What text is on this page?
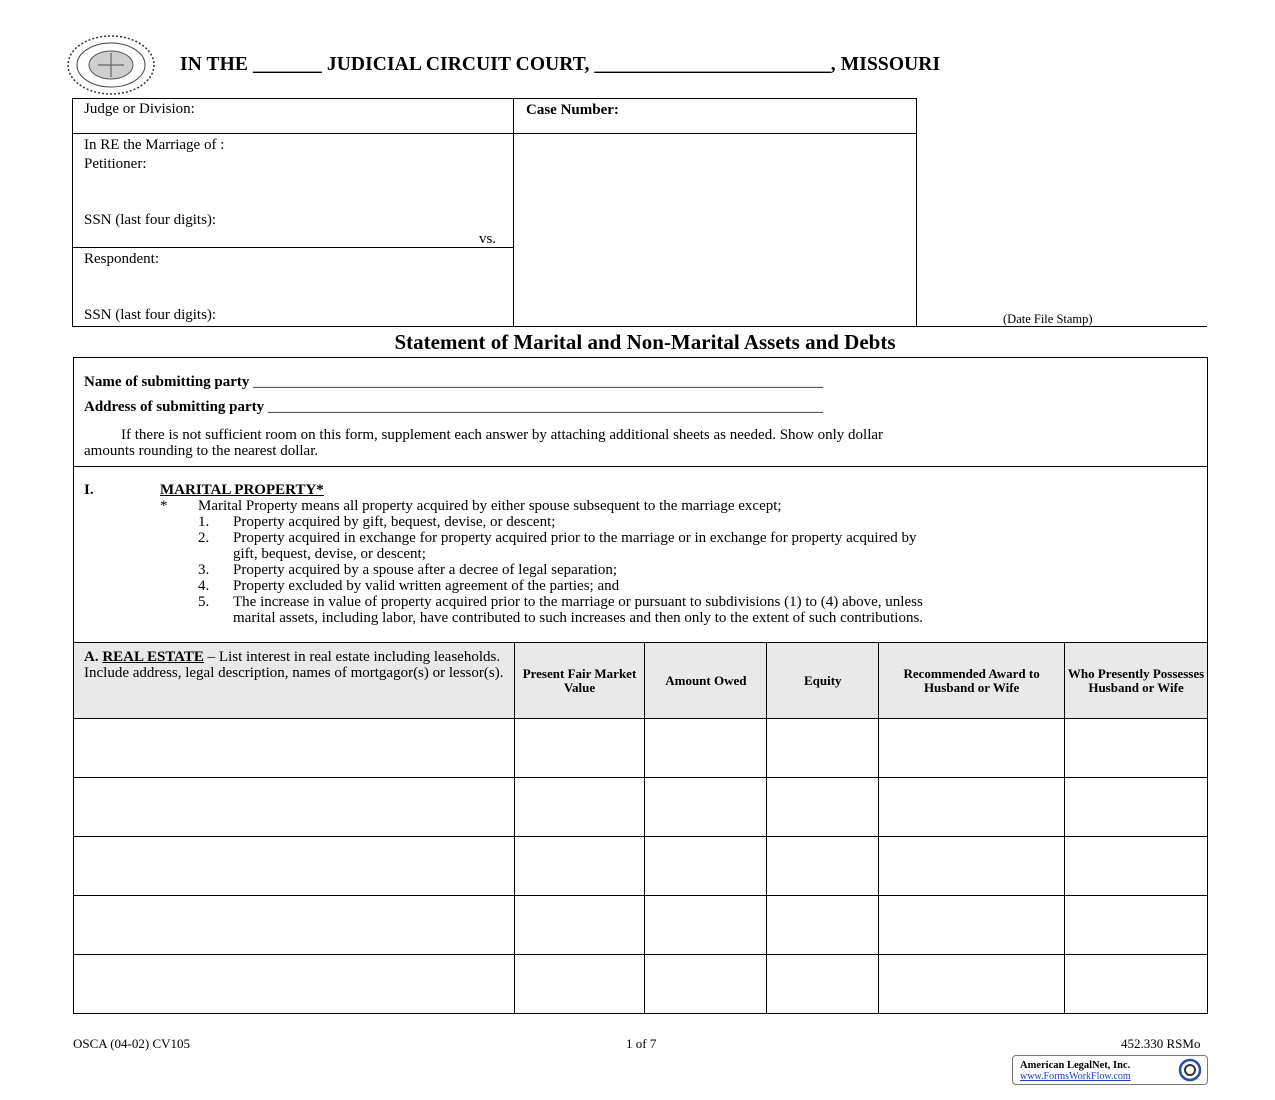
IN THE _______ JUDICIAL CIRCUIT COURT, ________________________, MISSOURI
Judge or Division:	Case Number:
In RE the Marriage of :
Petitioner:
SSN (last four digits):
vs.
Respondent:
SSN (last four digits):	(Date File Stamp)
Statement of Marital and Non-Marital Assets and Debts
Name of submitting party ____________________________________________________________________________
Address of submitting party __________________________________________________________________________
If there is not sufficient room on this form, supplement each answer by attaching additional sheets as needed. Show only dollar
amounts rounding to the nearest dollar.
I.	MARITAL PROPERTY*
* Marital Property means all property acquired by either spouse subsequent to the marriage except;
1. Property acquired by gift, bequest, devise, or descent;
2. Property acquired in exchange for property acquired prior to the marriage or in exchange for property acquired by
gift, bequest, devise, or descent;
3. Property acquired by a spouse after a decree of legal separation;
4. Property excluded by valid written agreement of the parties; and
5. The increase in value of property acquired prior to the marriage or pursuant to subdivisions (1) to (4) above, unless
marital assets, including labor, have contributed to such increases and then only to the extent of such contributions.
A. REAL ESTATE – List interest in real estate including leaseholds. Include address, legal description, names of mortgagor(s) or lessor(s).	Present Fair Market Value	Amount Owed	Equity	Recommended Award to Husband or Wife	Who Presently Possesses Husband or Wife

OSCA (04-02) CV105	1 of 7	452.330 RSMo
American LegalNet, Inc.
www.FormsWorkFlow.com
